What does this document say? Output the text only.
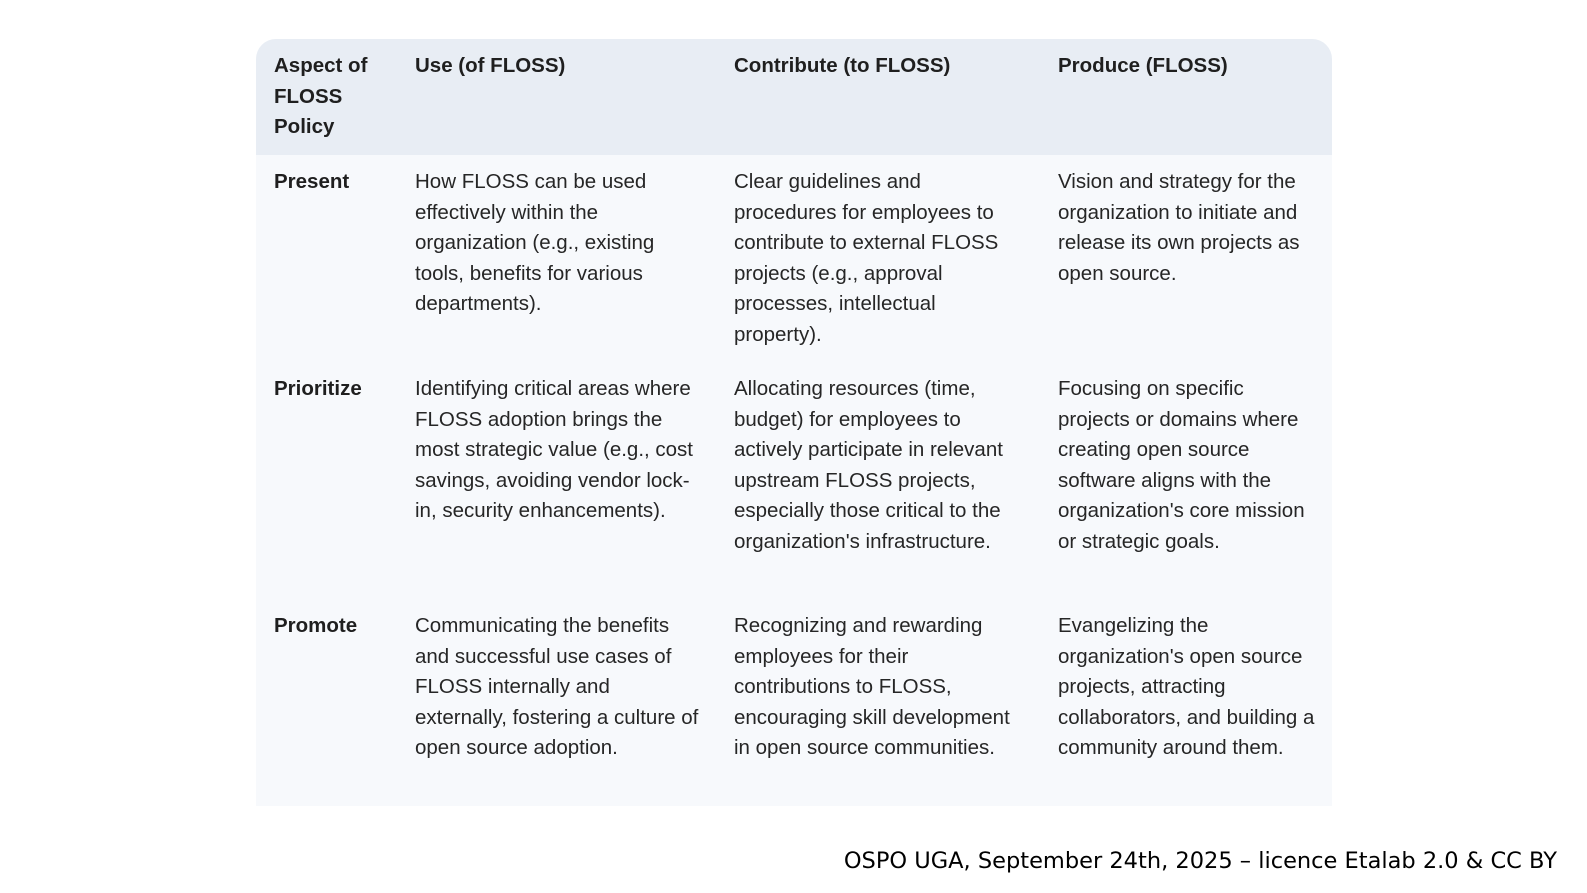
Aspect of FLOSS Policy	Use (of FLOSS)	Contribute (to FLOSS)	Produce (FLOSS)
Present	How FLOSS can be used effectively within the organization (e.g., existing tools, benefits for various departments).	Clear guidelines and procedures for employees to contribute to external FLOSS projects (e.g., approval processes, intellectual property).	Vision and strategy for the organization to initiate and release its own projects as open source.
Prioritize	Identifying critical areas where FLOSS adoption brings the most strategic value (e.g., cost savings, avoiding vendor lock-in, security enhancements).	Allocating resources (time, budget) for employees to actively participate in relevant upstream FLOSS projects, especially those critical to the organization's infrastructure.	Focusing on specific projects or domains where creating open source software aligns with the organization's core mission or strategic goals.
Promote	Communicating the benefits and successful use cases of FLOSS internally and externally, fostering a culture of open source adoption.	Recognizing and rewarding employees for their contributions to FLOSS, encouraging skill development in open source communities.	Evangelizing the organization's open source projects, attracting collaborators, and building a community around them.
OSPO UGA, September 24th, 2025 – licence Etalab 2.0 & CC BY
